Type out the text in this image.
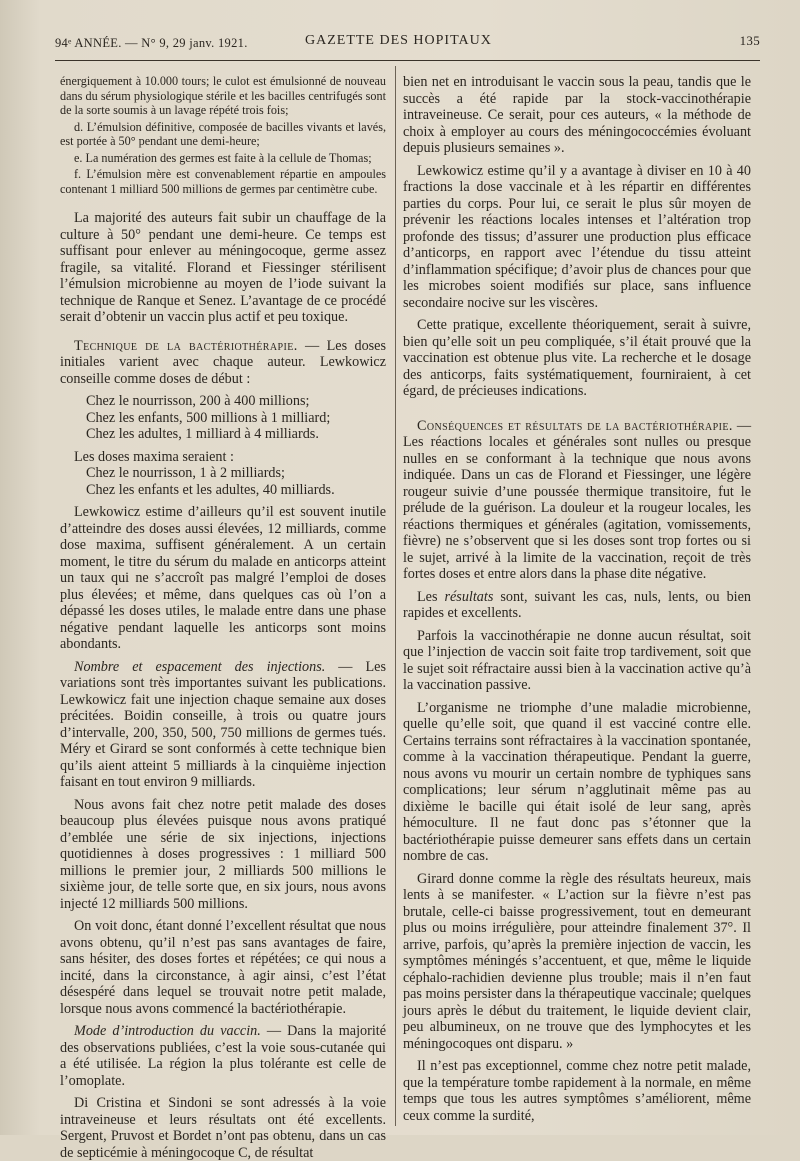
94ᵉ ANNÉE. — N° 9, 29 janv. 1921.	GAZETTE DES HOPITAUX	135

énergiquement à 10.000 tours; le culot est émulsionné de nouveau dans du sérum physiologique stérile et les bacilles centrifugés sont de la sorte soumis à un lavage répété trois fois;

d. L’émulsion définitive, composée de bacilles vivants et lavés, est portée à 50° pendant une demi-heure;

e. La numération des germes est faite à la cellule de Thomas;

f. L’émulsion mère est convenablement répartie en ampoules contenant 1 milliard 500 millions de germes par centimètre cube.

La majorité des auteurs fait subir un chauffage de la culture à 50° pendant une demi-heure. Ce temps est suffisant pour enlever au méningocoque, germe assez fragile, sa vitalité. Florand et Fiessinger stérilisent l’émulsion microbienne au moyen de l’iode suivant la technique de Ranque et Senez. L’avantage de ce procédé serait d’obtenir un vaccin plus actif et peu toxique.

Technique de la bactériothérapie. — Les doses initiales varient avec chaque auteur. Lewkowicz conseille comme doses de début :

Chez le nourrisson, 200 à 400 millions;

Chez les enfants, 500 millions à 1 milliard;

Chez les adultes, 1 milliard à 4 milliards.

Les doses maxima seraient :

Chez le nourrisson, 1 à 2 milliards;

Chez les enfants et les adultes, 40 milliards.

Lewkowicz estime d’ailleurs qu’il est souvent inutile d’atteindre des doses aussi élevées, 12 milliards, comme dose maxima, suffisent généralement. A un certain moment, le titre du sérum du malade en anticorps atteint un taux qui ne s’accroît pas malgré l’emploi de doses plus élevées; et même, dans quelques cas où l’on a dépassé les doses utiles, le malade entre dans une phase négative pendant laquelle les anticorps sont moins abondants.

Nombre et espacement des injections. — Les variations sont très importantes suivant les publications. Lewkowicz fait une injection chaque semaine aux doses précitées. Boidin conseille, à trois ou quatre jours d’intervalle, 200, 350, 500, 750 millions de germes tués. Méry et Girard se sont conformés à cette technique bien qu’ils aient atteint 5 milliards à la cinquième injection faisant en tout environ 9 milliards.

Nous avons fait chez notre petit malade des doses beaucoup plus élevées puisque nous avons pratiqué d’emblée une série de six injections, injections quotidiennes à doses progressives : 1 milliard 500 millions le premier jour, 2 milliards 500 millions le sixième jour, de telle sorte que, en six jours, nous avons injecté 12 milliards 500 millions.

On voit donc, étant donné l’excellent résultat que nous avons obtenu, qu’il n’est pas sans avantages de faire, sans hésiter, des doses fortes et répétées; ce qui nous a incité, dans la circonstance, à agir ainsi, c’est l’état désespéré dans lequel se trouvait notre petit malade, lorsque nous avons commencé la bactériothérapie.

Mode d’introduction du vaccin. — Dans la majorité des observations publiées, c’est la voie sous-cutanée qui a été utilisée. La région la plus tolérante est celle de l’omoplate.

Di Cristina et Sindoni se sont adressés à la voie intraveineuse et leurs résultats ont été excellents. Sergent, Pruvost et Bordet n’ont pas obtenu, dans un cas de septicémie à méningocoque C, de résultat

bien net en introduisant le vaccin sous la peau, tandis que le succès a été rapide par la stock-vaccinothérapie intraveineuse. Ce serait, pour ces auteurs, « la méthode de choix à employer au cours des méningococcémies évoluant depuis plusieurs semaines ».

Lewkowicz estime qu’il y a avantage à diviser en 10 à 40 fractions la dose vaccinale et à les répartir en différentes parties du corps. Pour lui, ce serait le plus sûr moyen de prévenir les réactions locales intenses et l’altération trop profonde des tissus; d’assurer une production plus efficace d’anticorps, en rapport avec l’étendue du tissu atteint d’inflammation spécifique; d’avoir plus de chances pour que les microbes soient modifiés sur place, sans influence secondaire nocive sur les viscères.

Cette pratique, excellente théoriquement, serait à suivre, bien qu’elle soit un peu compliquée, s’il était prouvé que la vaccination est obtenue plus vite. La recherche et le dosage des anticorps, faits systématiquement, fourniraient, à cet égard, de précieuses indications.

Conséquences et résultats de la bactériothérapie. — Les réactions locales et générales sont nulles ou presque nulles en se conformant à la technique que nous avons indiquée. Dans un cas de Florand et Fiessinger, une légère rougeur suivie d’une poussée thermique transitoire, fut le prélude de la guérison. La douleur et la rougeur locales, les réactions thermiques et générales (agitation, vomissements, fièvre) ne s’observent que si les doses sont trop fortes ou si le sujet, arrivé à la limite de la vaccination, reçoit de très fortes doses et entre alors dans la phase dite négative.

Les résultats sont, suivant les cas, nuls, lents, ou bien rapides et excellents.

Parfois la vaccinothérapie ne donne aucun résultat, soit que l’injection de vaccin soit faite trop tardivement, soit que le sujet soit réfractaire aussi bien à la vaccination active qu’à la vaccination passive.

L’organisme ne triomphe d’une maladie microbienne, quelle qu’elle soit, que quand il est vacciné contre elle. Certains terrains sont réfractaires à la vaccination spontanée, comme à la vaccination thérapeutique. Pendant la guerre, nous avons vu mourir un certain nombre de typhiques sans complications; leur sérum n’agglutinait même pas au dixième le bacille qui était isolé de leur sang, après hémoculture. Il ne faut donc pas s’étonner que la bactériothérapie puisse demeurer sans effets dans un certain nombre de cas.

Girard donne comme la règle des résultats heureux, mais lents à se manifester. « L’action sur la fièvre n’est pas brutale, celle-ci baisse progressivement, tout en demeurant plus ou moins irrégulière, pour atteindre finalement 37°. Il arrive, parfois, qu’après la première injection de vaccin, les symptômes méningés s’accentuent, et que, même le liquide céphalo-rachidien devienne plus trouble; mais il n’en faut pas moins persister dans la thérapeutique vaccinale; quelques jours après le début du traitement, le liquide devient clair, peu albumineux, on ne trouve que des lymphocytes et les méningocoques ont disparu. »

Il n’est pas exceptionnel, comme chez notre petit malade, que la température tombe rapidement à la normale, en même temps que tous les autres symptômes s’améliorent, même ceux comme la surdité,
